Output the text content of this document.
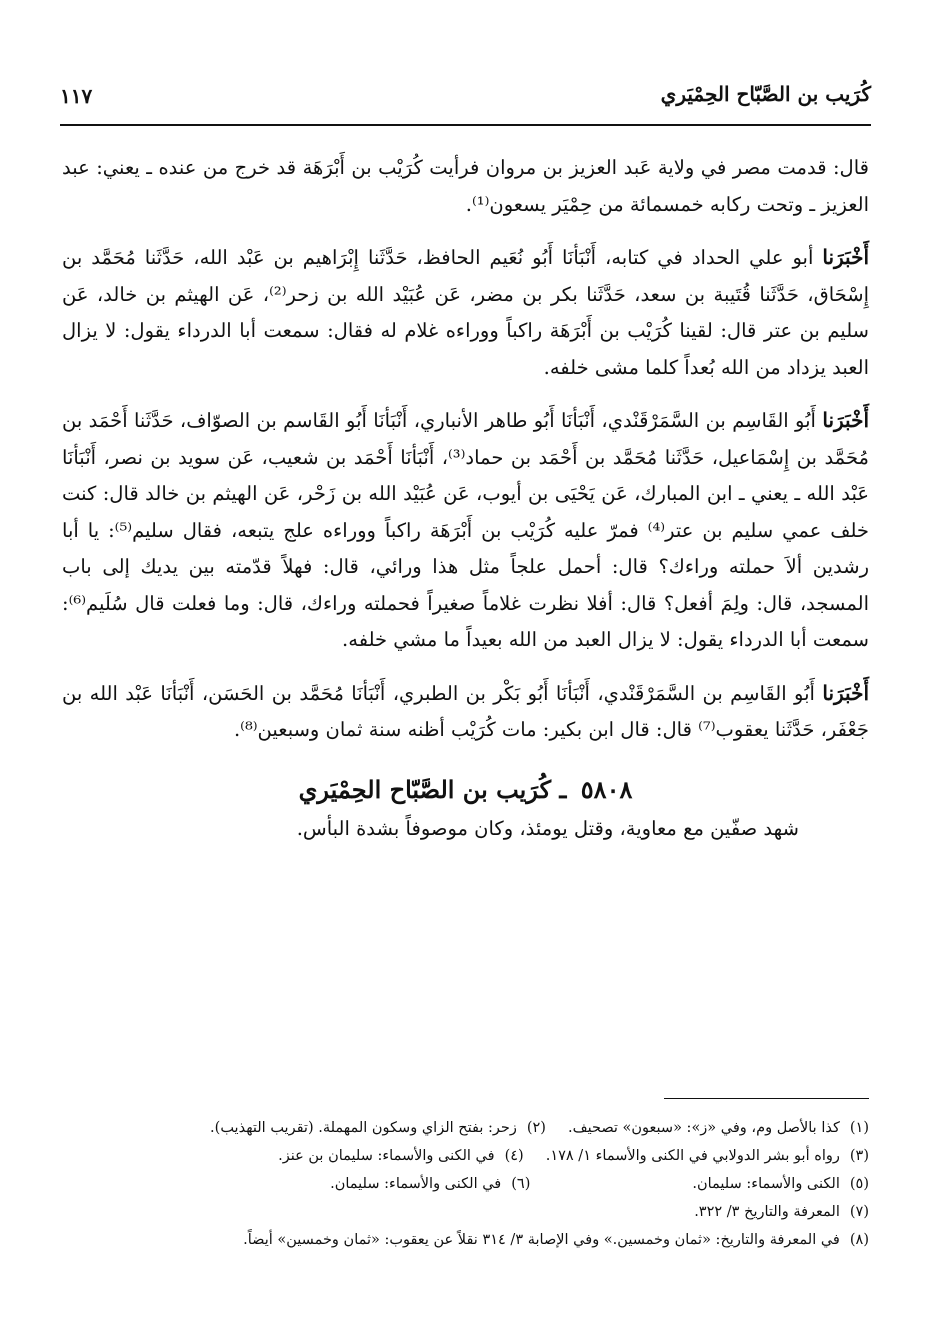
كُرَيب بن الصَّبّاح الحِمْيَري
١١٧

قال: قدمت مصر في ولاية عَبد العزيز بن مروان فرأيت كُرَيْب بن أَبْرَهَة قد خرج من عنده ـ يعني: عبد العزيز ـ وتحت ركابه خمسمائة من حِمْيَر يسعون⁽¹⁾.

أَخْبَرَنا أبو علي الحداد في كتابه، أَنْبَأنَا أَبُو نُعَيم الحافظ، حَدَّثَنا إِبْرَاهيم بن عَبْد الله، حَدَّثَنا مُحَمَّد بن إِسْحَاق، حَدَّثَنا قُتَيبة بن سعد، حَدَّثَنا بكر بن مضر، عَن عُبَيْد الله بن زحر⁽²⁾، عَن الهيثم بن خالد، عَن سليم بن عتر قال: لقينا كُرَيْب بن أَبْرَهَة راكباً ووراءه غلام له فقال: سمعت أبا الدرداء يقول: لا يزال العبد يزداد من الله بُعداً كلما مشى خلفه.

أَخْبَرَنا أَبُو القَاسِم بن السَّمَرْقَنْدي، أَنْبَأنَا أَبُو طاهر الأنباري، أَنْبَأنَا أَبُو القَاسم بن الصوّاف، حَدَّثَنا أَحْمَد بن مُحَمَّد بن إِسْمَاعيل، حَدَّثَنا مُحَمَّد بن أَحْمَد بن حماد⁽³⁾، أَنْبَأنَا أَحْمَد بن شعيب، عَن سويد بن نصر، أَنْبَأنَا عَبْد الله ـ يعني ـ ابن المبارك، عَن يَحْيَى بن أيوب، عَن عُبَيْد الله بن زَحْر، عَن الهيثم بن خالد قال: كنت خلف عمي سليم بن عتر⁽⁴⁾ فمرّ عليه كُرَيْب بن أَبْرَهَة راكباً ووراءه علج يتبعه، فقال سليم⁽⁵⁾: يا أبا رشدين ألاَ حملته وراءك؟ قال: أحمل علجاً مثل هذا ورائي، قال: فهلاً قدّمته بين يديك إلى باب المسجد، قال: ولِمَ أفعل؟ قال: أفلا نظرت غلاماً صغيراً فحملته وراءك، قال: وما فعلت قال سُلَيم⁽⁶⁾: سمعت أبا الدرداء يقول: لا يزال العبد من الله بعيداً ما مشي خلفه.

أَخْبَرَنا أَبُو القَاسِم بن السَّمَرْقَنْدي، أَنْبَأنَا أَبُو بَكْر بن الطبري، أَنْبَأنَا مُحَمَّد بن الحَسَن، أَنْبَأنَا عَبْد الله بن جَعْفَر، حَدَّثَنا يعقوب⁽⁷⁾ قال: قال ابن بكير: مات كُرَيْب أظنه سنة ثمان وسبعين⁽⁸⁾.

٥٨٠٨ ـ كُرَيب بن الصَّبّاح الحِمْيَري

شهد صفّين مع معاوية، وقتل يومئذ، وكان موصوفاً بشدة البأس.

(١)كذا بالأصل وم، وفي «ز»: «سبعون» تصحيف.
(٢)زحر: بفتح الزاي وسكون المهملة. (تقريب التهذيب).
(٣)رواه أبو بشر الدولابي في الكنى والأسماء ١/ ١٧٨.
(٤)في الكنى والأسماء: سليمان بن عنز.
(٥)الكنى والأسماء: سليمان.
(٦)في الكنى والأسماء: سليمان.
(٧)المعرفة والتاريخ ٣/ ٣٢٢.
(٨)في المعرفة والتاريخ: «ثمان وخمسين.» وفي الإصابة ٣/ ٣١٤ نقلاً عن يعقوب: «ثمان وخمسين» أيضاً.
